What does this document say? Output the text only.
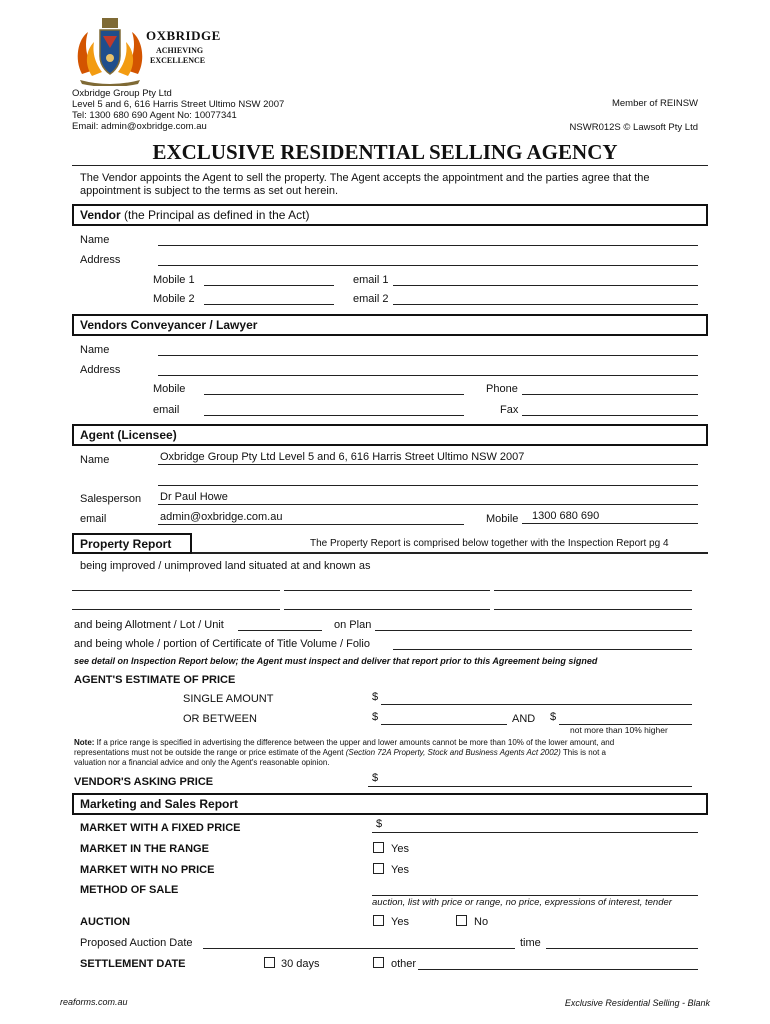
OXBRIDGE
ACHIEVING
EXCELLENCE
Oxbridge Group Pty Ltd
Level 5 and 6, 616 Harris Street Ultimo NSW 2007
Tel: 1300 680 690 Agent No: 10077341
Email: admin@oxbridge.com.au
Member of REINSW
NSWR012S © Lawsoft Pty Ltd
EXCLUSIVE RESIDENTIAL SELLING AGENCY
The Vendor appoints the Agent to sell the property. The Agent accepts the appointment and the parties agree that the
appointment is subject to the terms as set out herein.
Vendor (the Principal as defined in the Act)
Name
Address
Mobile 1	email 1
Mobile 2	email 2
Vendors Conveyancer / Lawyer
Name
Address
Mobile	Phone
email	Fax
Agent (Licensee)
Name	Oxbridge Group Pty Ltd Level 5 and 6, 616 Harris Street Ultimo NSW 2007
Salesperson Dr Paul Howe
email	admin@oxbridge.com.au	Mobile 1300 680 690
Property Report	The Property Report is comprised below together with the Inspection Report pg 4
being improved / unimproved land situated at and known as
and being Allotment / Lot / Unit	on Plan
and being whole / portion of Certificate of Title Volume / Folio
see detail on Inspection Report below; the Agent must inspect and deliver that report prior to this Agreement being signed
AGENT'S ESTIMATE OF PRICE
SINGLE AMOUNT	$
OR BETWEEN	$	AND $
not more than 10% higher
Note: If a price range is specified in advertising the difference between the upper and lower amounts cannot be more than 10% of the lower amount, and
representations must not be outside the range or price estimate of the Agent (Section 72A Property, Stock and Business Agents Act 2002) This is not a
valuation nor a financial advice and only the Agent's reasonable opinion.
VENDOR'S ASKING PRICE	$
Marketing and Sales Report
MARKET WITH A FIXED PRICE	$
MARKET IN THE RANGE	Yes
MARKET WITH NO PRICE	Yes
METHOD OF SALE
auction, list with price or range, no price, expressions of interest, tender
AUCTION	Yes	No
Proposed Auction Date	time
SETTLEMENT DATE	30 days	other
reaforms.com.au	Exclusive Residential Selling - Blank
